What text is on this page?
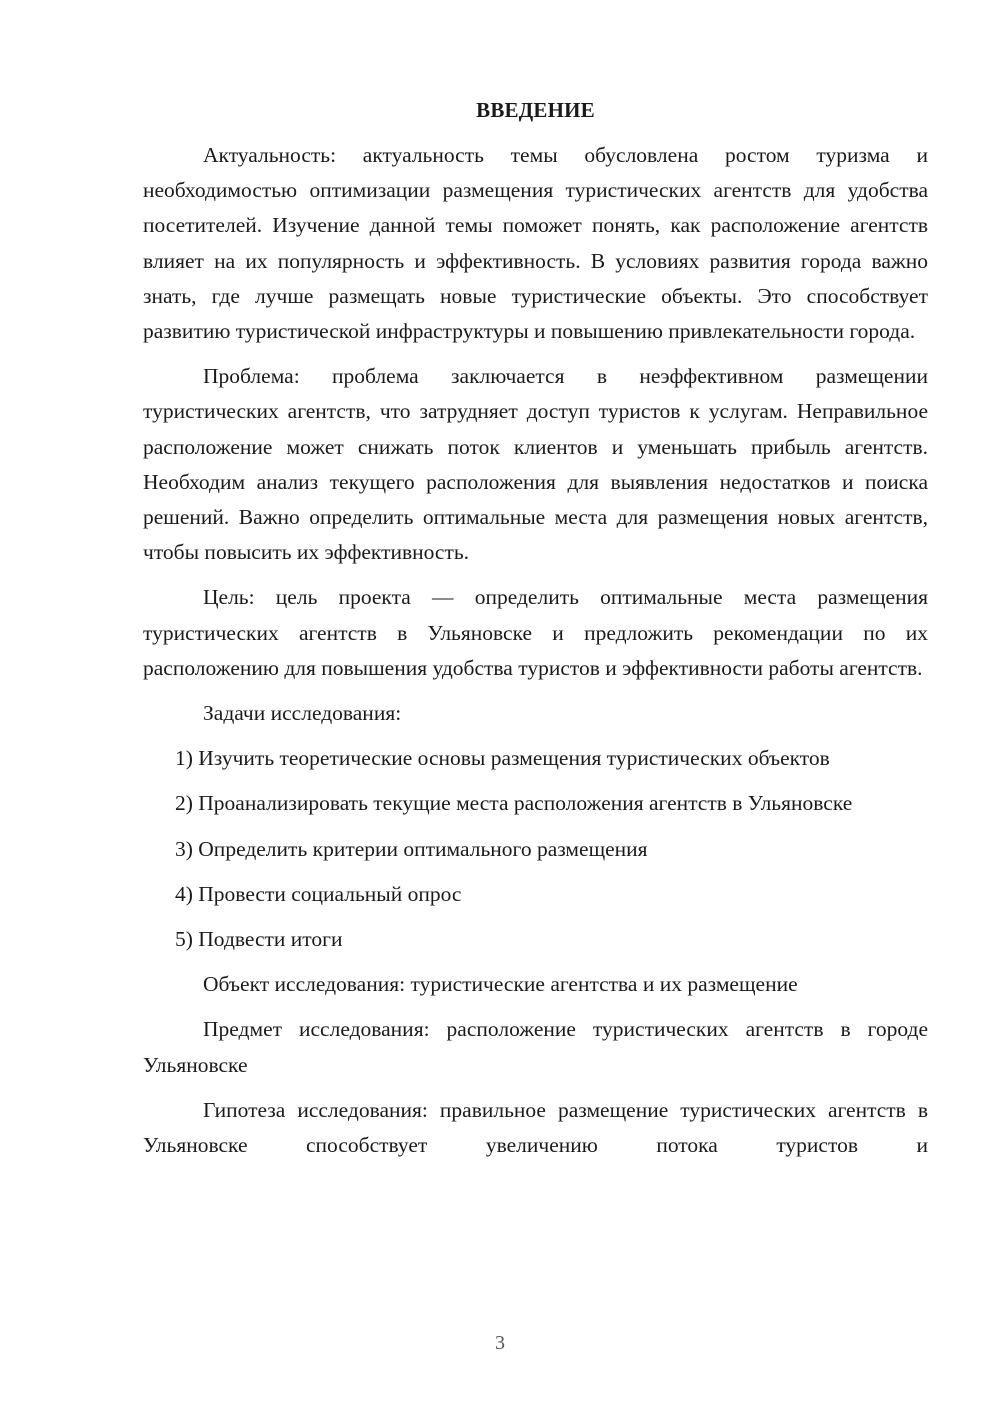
ВВЕДЕНИЕ

Актуальность: актуальность темы обусловлена ростом туризма и необходимостью оптимизации размещения туристических агентств для удобства посетителей. Изучение данной темы поможет понять, как расположение агентств влияет на их популярность и эффективность. В условиях развития города важно знать, где лучше размещать новые туристические объекты. Это способствует развитию туристической инфраструктуры и повышению привлекательности города.

Проблема: проблема заключается в неэффективном размещении туристических агентств, что затрудняет доступ туристов к услугам. Неправильное расположение может снижать поток клиентов и уменьшать прибыль агентств. Необходим анализ текущего расположения для выявления недостатков и поиска решений. Важно определить оптимальные места для размещения новых агентств, чтобы повысить их эффективность.

Цель: цель проекта — определить оптимальные места размещения туристических агентств в Ульяновске и предложить рекомендации по их расположению для повышения удобства туристов и эффективности работы агентств.

Задачи исследования:

1) Изучить теоретические основы размещения туристических объектов

2) Проанализировать текущие места расположения агентств в Ульяновске

3) Определить критерии оптимального размещения

4) Провести социальный опрос

5) Подвести итоги

Объект исследования: туристические агентства и их размещение

Предмет исследования: расположение туристических агентств в городе Ульяновске

Гипотеза исследования: правильное размещение туристических агентств в Ульяновске способствует увеличению потока туристов и

3
